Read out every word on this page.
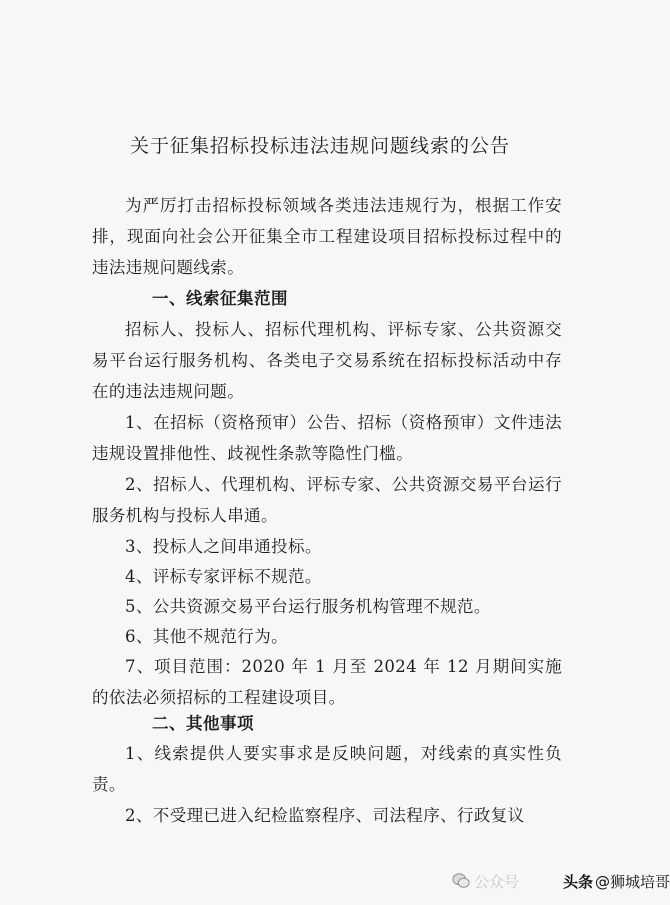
关于征集招标投标违法违规问题线索的公告

为严厉打击招标投标领域各类违法违规行为，根据工作安排，现面向社会公开征集全市工程建设项目招标投标过程中的违法违规问题线索。

一、线索征集范围

招标人、投标人、招标代理机构、评标专家、公共资源交易平台运行服务机构、各类电子交易系统在招标投标活动中存在的违法违规问题。

1、在招标（资格预审）公告、招标（资格预审）文件违法违规设置排他性、歧视性条款等隐性门槛。

2、招标人、代理机构、评标专家、公共资源交易平台运行服务机构与投标人串通。

3、投标人之间串通投标。

4、评标专家评标不规范。

5、公共资源交易平台运行服务机构管理不规范。

6、其他不规范行为。

7、项目范围：2020 年 1 月至 2024 年 12 月期间实施的依法必须招标的工程建设项目。

二、其他事项

1、线索提供人要实事求是反映问题，对线索的真实性负责。

2、不受理已进入纪检监察程序、司法程序、行政复议

公众号	头条 @狮城培哥
